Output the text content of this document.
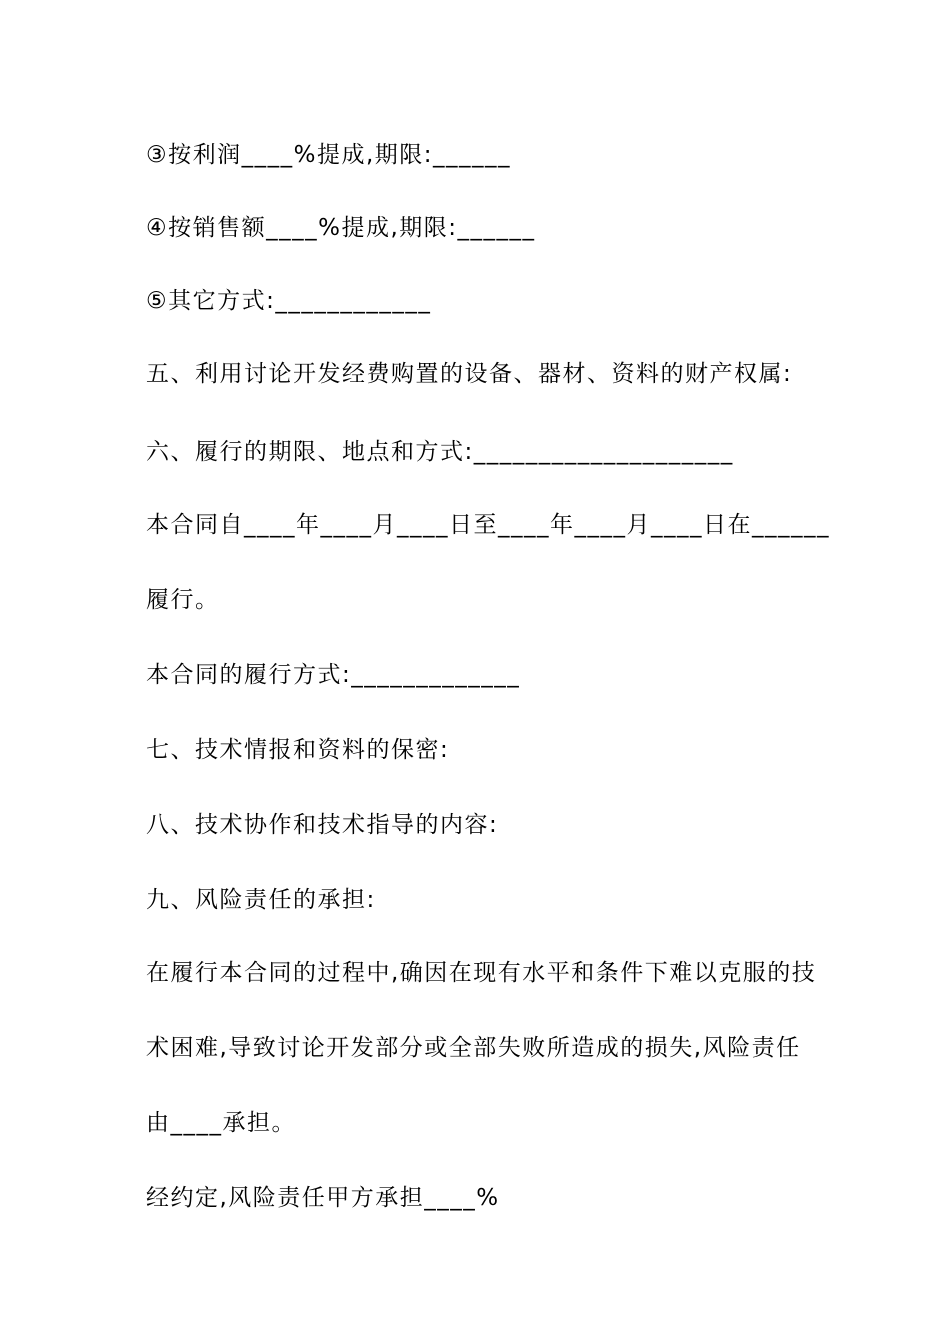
③按利润____%提成,期限:______

④按销售额____%提成,期限:______

⑤其它方式:____________

五、利用讨论开发经费购置的设备、器材、资料的财产权属:

六、履行的期限、地点和方式:____________________

本合同自____年____月____日至____年____月____日在______

履行。

本合同的履行方式:_____________

七、技术情报和资料的保密:

八、技术协作和技术指导的内容:

九、风险责任的承担:

在履行本合同的过程中,确因在现有水平和条件下难以克服的技

术困难,导致讨论开发部分或全部失败所造成的损失,风险责任

由____承担。

经约定,风险责任甲方承担____%
